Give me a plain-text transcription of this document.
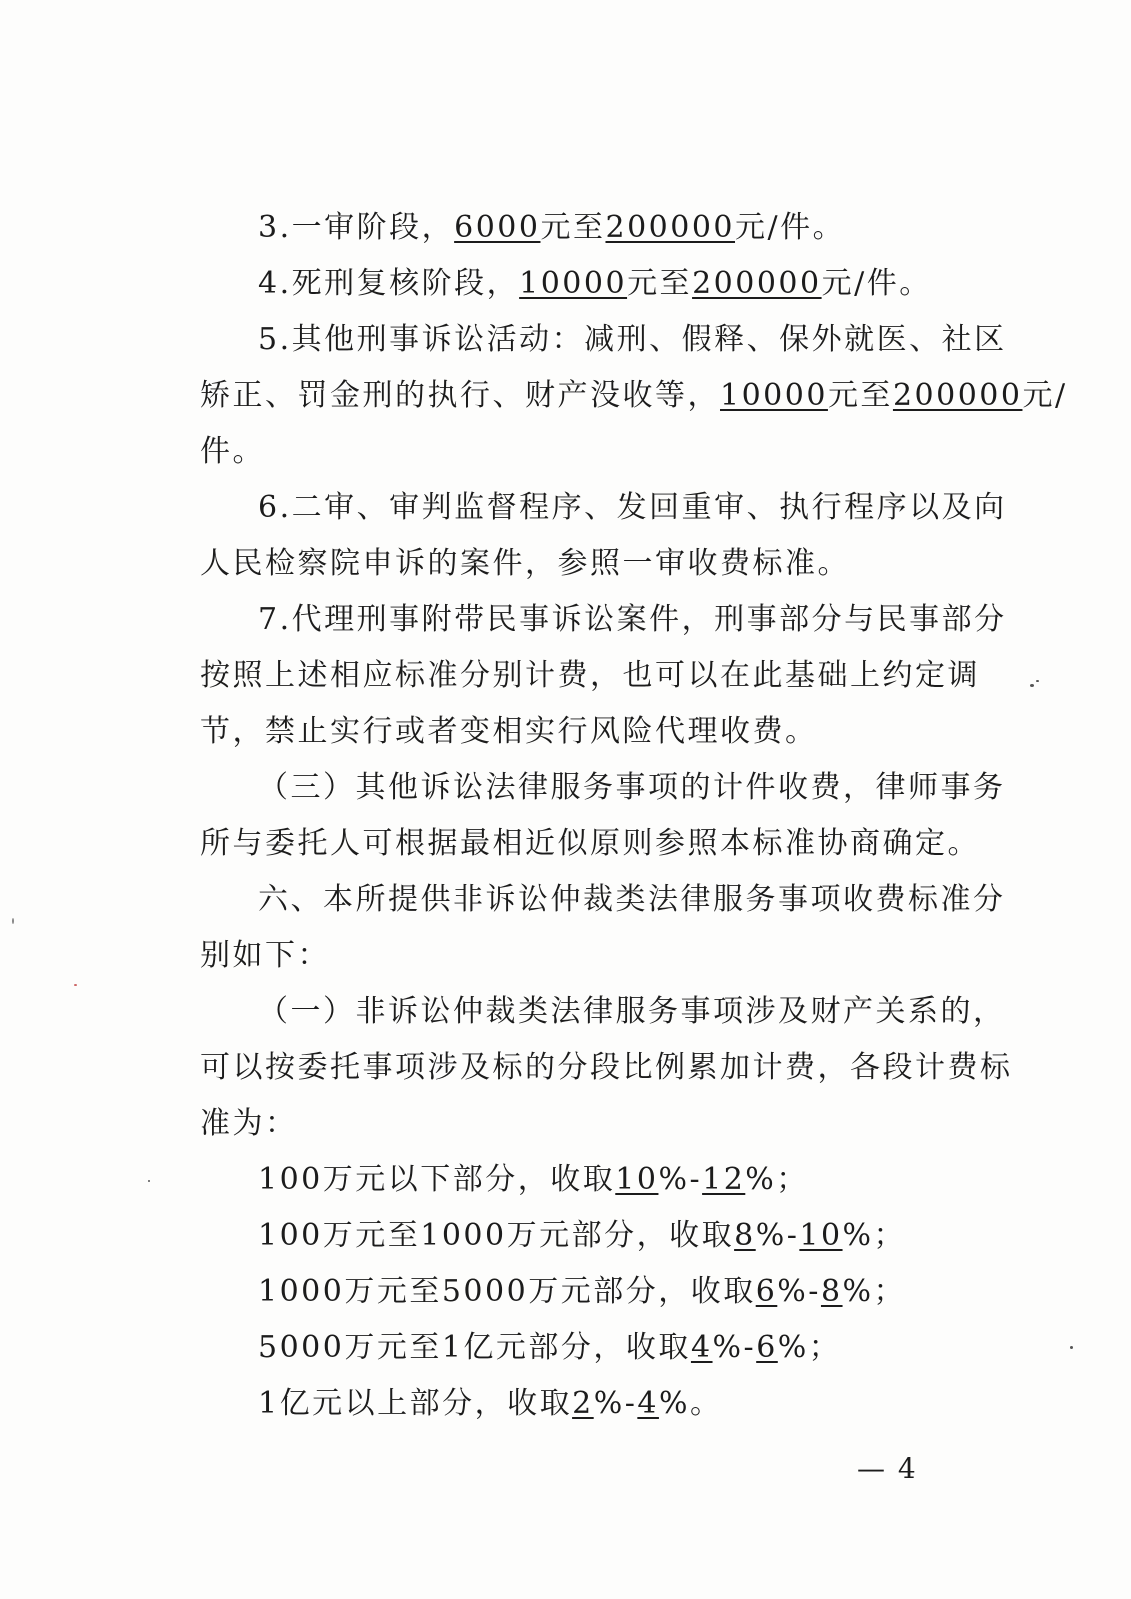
3.一审阶段，6000元至200000元/件。
4.死刑复核阶段，10000元至200000元/件。
5.其他刑事诉讼活动：减刑、假释、保外就医、社区
矫正、罚金刑的执行、财产没收等，10000元至200000元/
件。
6.二审、审判监督程序、发回重审、执行程序以及向
人民检察院申诉的案件，参照一审收费标准。
7.代理刑事附带民事诉讼案件，刑事部分与民事部分
按照上述相应标准分别计费，也可以在此基础上约定调
节，禁止实行或者变相实行风险代理收费。
（三）其他诉讼法律服务事项的计件收费，律师事务
所与委托人可根据最相近似原则参照本标准协商确定。
六、本所提供非诉讼仲裁类法律服务事项收费标准分
别如下：
（一）非诉讼仲裁类法律服务事项涉及财产关系的，
可以按委托事项涉及标的分段比例累加计费，各段计费标
准为：
100万元以下部分，收取10%-12%；
100万元至1000万元部分，收取8%-10%；
1000万元至5000万元部分，收取6%-8%；
5000万元至1亿元部分，收取4%-6%；
1亿元以上部分，收取2%-4%。
— 4
